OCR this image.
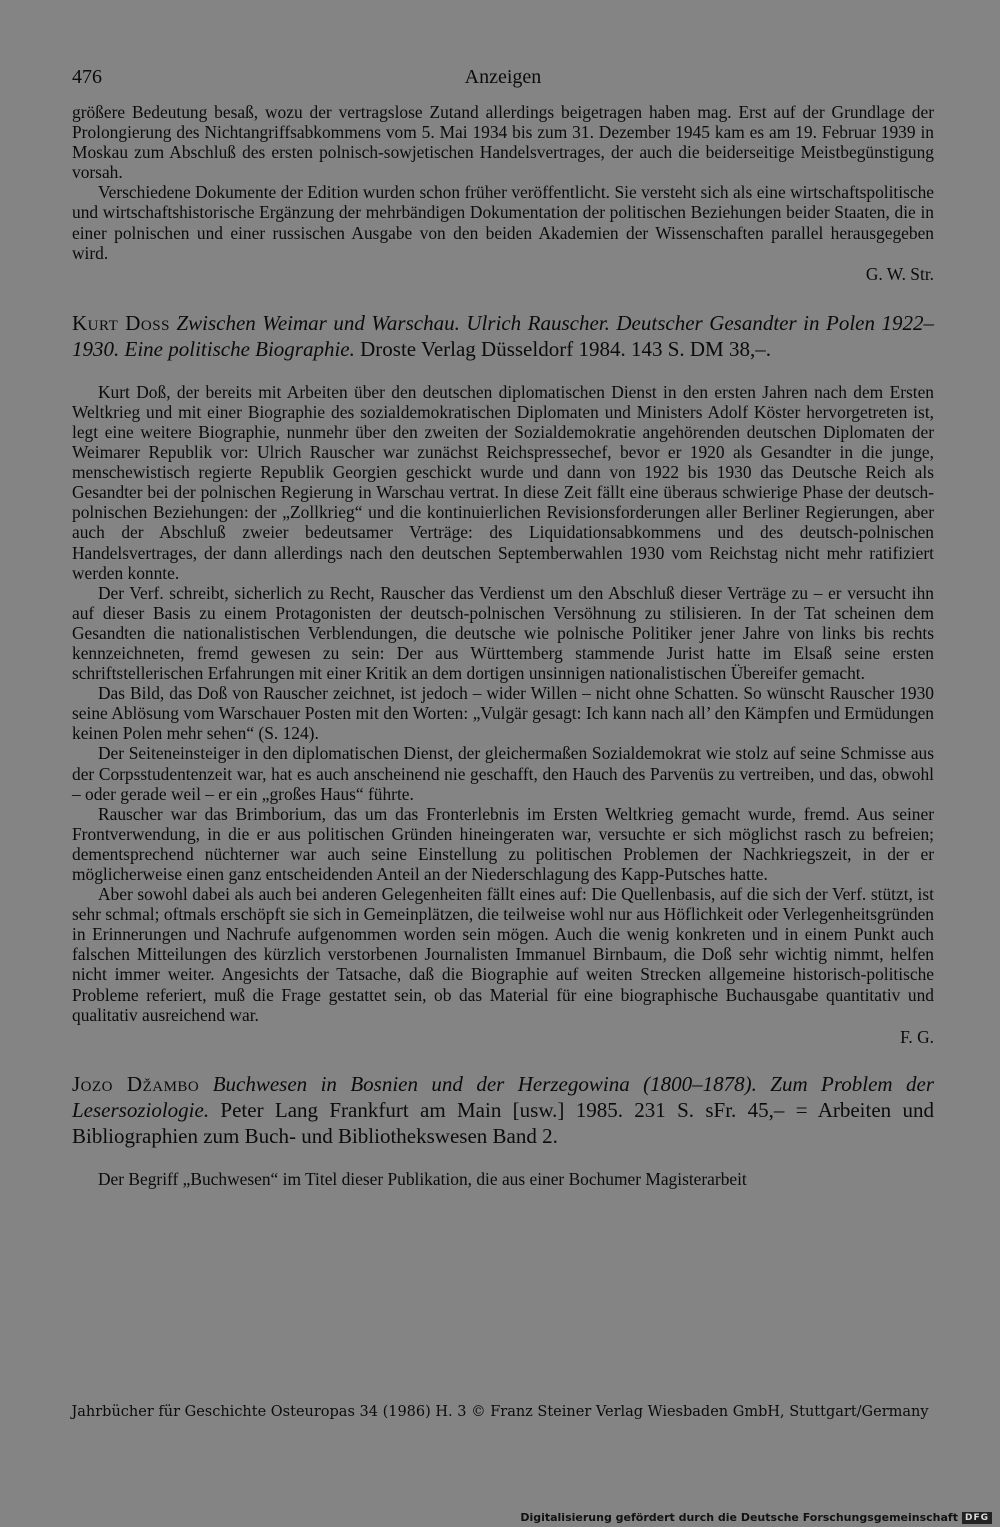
476	Anzeigen

größere Bedeutung besaß, wozu der vertragslose Zutand allerdings beigetragen haben mag. Erst auf der Grundlage der Prolongierung des Nichtangriffsabkommens vom 5. Mai 1934 bis zum 31. Dezember 1945 kam es am 19. Februar 1939 in Moskau zum Abschluß des ersten polnisch-sowjetischen Handelsvertrages, der auch die beiderseitige Meistbegünstigung vorsah.

Verschiedene Dokumente der Edition wurden schon früher veröffentlicht. Sie versteht sich als eine wirtschaftspolitische und wirtschaftshistorische Ergänzung der mehrbändigen Dokumentation der politischen Beziehungen beider Staaten, die in einer polnischen und einer russischen Ausgabe von den beiden Akademien der Wissenschaften parallel herausgegeben wird.

G. W. Str.

Kurt Doss Zwischen Weimar und Warschau. Ulrich Rauscher. Deutscher Gesandter in Polen 1922–1930. Eine politische Biographie. Droste Verlag Düsseldorf 1984. 143 S. DM 38,–.

Kurt Doß, der bereits mit Arbeiten über den deutschen diplomatischen Dienst in den ersten Jahren nach dem Ersten Weltkrieg und mit einer Biographie des sozialdemokratischen Diplomaten und Ministers Adolf Köster hervorgetreten ist, legt eine weitere Biographie, nunmehr über den zweiten der Sozialdemokratie angehörenden deutschen Diplomaten der Weimarer Republik vor: Ulrich Rauscher war zunächst Reichspressechef, bevor er 1920 als Gesandter in die junge, menschewistisch regierte Republik Georgien geschickt wurde und dann von 1922 bis 1930 das Deutsche Reich als Gesandter bei der polnischen Regierung in Warschau vertrat. In diese Zeit fällt eine überaus schwierige Phase der deutsch-polnischen Beziehungen: der „Zollkrieg“ und die kontinuierlichen Revisionsforderungen aller Berliner Regierungen, aber auch der Abschluß zweier bedeutsamer Verträge: des Liquidationsabkommens und des deutsch-polnischen Handelsvertrages, der dann allerdings nach den deutschen Septemberwahlen 1930 vom Reichstag nicht mehr ratifiziert werden konnte.

Der Verf. schreibt, sicherlich zu Recht, Rauscher das Verdienst um den Abschluß dieser Verträge zu – er versucht ihn auf dieser Basis zu einem Protagonisten der deutsch-polnischen Versöhnung zu stilisieren. In der Tat scheinen dem Gesandten die nationalistischen Verblendungen, die deutsche wie polnische Politiker jener Jahre von links bis rechts kennzeichneten, fremd gewesen zu sein: Der aus Württemberg stammende Jurist hatte im Elsaß seine ersten schriftstellerischen Erfahrungen mit einer Kritik an dem dortigen unsinnigen nationalistischen Übereifer gemacht.

Das Bild, das Doß von Rauscher zeichnet, ist jedoch – wider Willen – nicht ohne Schatten. So wünscht Rauscher 1930 seine Ablösung vom Warschauer Posten mit den Worten: „Vulgär gesagt: Ich kann nach all’ den Kämpfen und Ermüdungen keinen Polen mehr sehen“ (S. 124).

Der Seiteneinsteiger in den diplomatischen Dienst, der gleichermaßen Sozialdemokrat wie stolz auf seine Schmisse aus der Corpsstudentenzeit war, hat es auch anscheinend nie geschafft, den Hauch des Parvenüs zu vertreiben, und das, obwohl – oder gerade weil – er ein „großes Haus“ führte.

Rauscher war das Brimborium, das um das Fronterlebnis im Ersten Weltkrieg gemacht wurde, fremd. Aus seiner Frontverwendung, in die er aus politischen Gründen hineingeraten war, versuchte er sich möglichst rasch zu befreien; dementsprechend nüchterner war auch seine Einstellung zu politischen Problemen der Nachkriegszeit, in der er möglicherweise einen ganz entscheidenden Anteil an der Niederschlagung des Kapp-Putsches hatte.

Aber sowohl dabei als auch bei anderen Gelegenheiten fällt eines auf: Die Quellenbasis, auf die sich der Verf. stützt, ist sehr schmal; oftmals erschöpft sie sich in Gemeinplätzen, die teilweise wohl nur aus Höflichkeit oder Verlegenheitsgründen in Erinnerungen und Nachrufe aufgenommen worden sein mögen. Auch die wenig konkreten und in einem Punkt auch falschen Mitteilungen des kürzlich verstorbenen Journalisten Immanuel Birnbaum, die Doß sehr wichtig nimmt, helfen nicht immer weiter. Angesichts der Tatsache, daß die Biographie auf weiten Strecken allgemeine historisch-politische Probleme referiert, muß die Frage gestattet sein, ob das Material für eine biographische Buchausgabe quantitativ und qualitativ ausreichend war.

F. G.

Jozo Džambo Buchwesen in Bosnien und der Herzegowina (1800–1878). Zum Problem der Lesersoziologie. Peter Lang Frankfurt am Main [usw.] 1985. 231 S. sFr. 45,– = Arbeiten und Bibliographien zum Buch- und Bibliothekswesen Band 2.

Der Begriff „Buchwesen“ im Titel dieser Publikation, die aus einer Bochumer Magisterarbeit

Jahrbücher für Geschichte Osteuropas 34 (1986) H. 3 © Franz Steiner Verlag Wiesbaden GmbH, Stuttgart/Germany
Digitalisierung gefördert durch die Deutsche Forschungsgemeinschaft DFG
